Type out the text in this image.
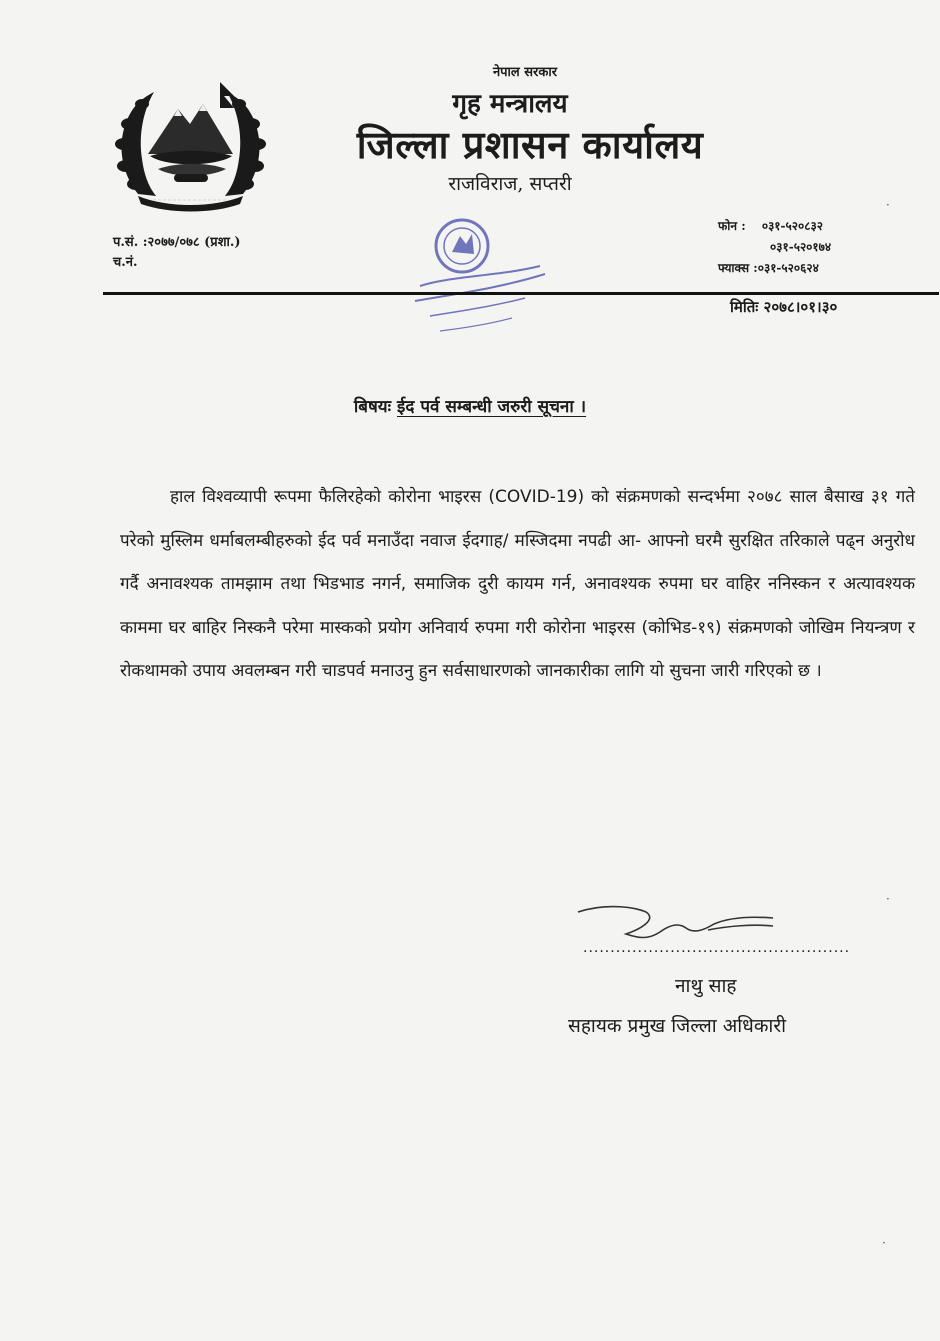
नेपाल सरकार
गृह मन्त्रालय
जिल्ला प्रशासन कार्यालय
राजविराज, सप्तरी
प.सं. :२०७७/०७८ (प्रशा.)
च.नं.
फोन : ०३१-५२०८३२
०३१-५२०१७४
फ्याक्स :०३१-५२०६२४
मितिः २०७८।०१।३०
बिषयः ईद पर्व सम्बन्धी जरुरी सूचना ।
हाल विश्वव्यापी रूपमा फैलिरहेको कोरोना भाइरस (COVID-19) को संक्रमणको सन्दर्भमा २०७८ साल बैसाख ३१ गते परेको मुस्लिम धर्माबलम्बीहरुको ईद पर्व मनाउँदा नवाज ईदगाह/ मस्जिदमा नपढी आ- आफ्नो घरमै सुरक्षित तरिकाले पढ्न अनुरोध गर्दै अनावश्यक तामझाम तथा भिडभाड नगर्न, समाजिक दुरी कायम गर्न, अनावश्यक रुपमा घर वाहिर ननिस्कन र अत्यावश्यक काममा घर बाहिर निस्कनै परेमा मास्कको प्रयोग अनिवार्य रुपमा गरी कोरोना भाइरस (कोभिड-१९) संक्रमणको जोखिम नियन्त्रण र रोकथामको उपाय अवलम्बन गरी चाडपर्व मनाउनु हुन सर्वसाधारणको जानकारीका लागि यो सुचना जारी गरिएको छ ।
.................................................
नाथु साह
सहायक प्रमुख जिल्ला अधिकारी
·
·
·
